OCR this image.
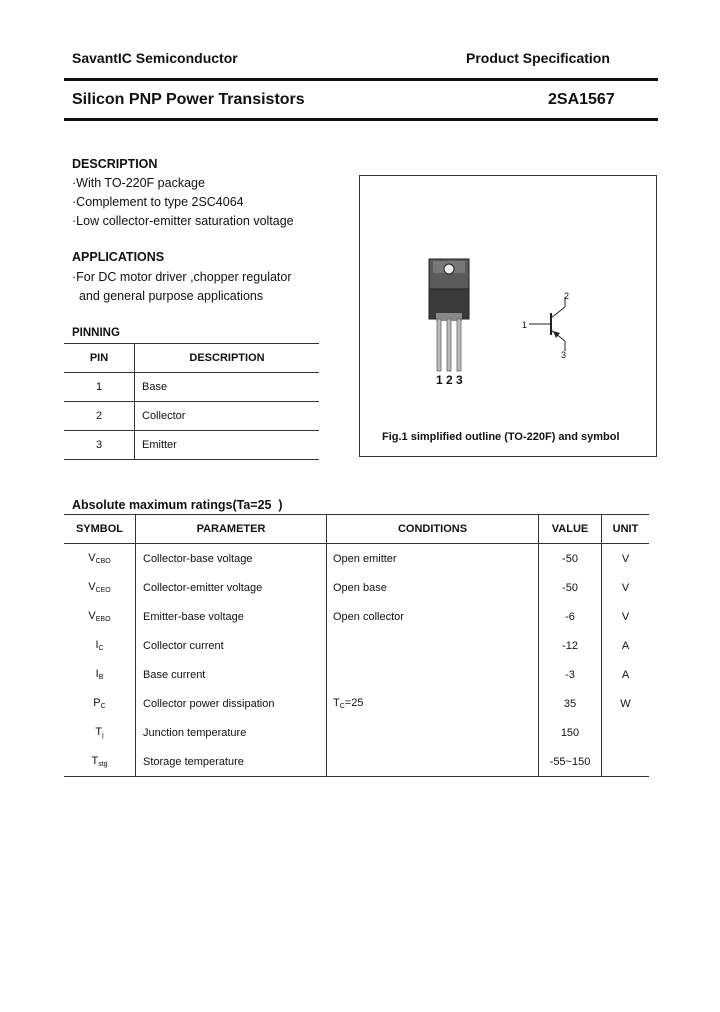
SavantIC Semiconductor	Product Specification
Silicon PNP Power Transistors	2SA1567
DESCRIPTION
·With TO-220F package
·Complement to type 2SC4064
·Low collector-emitter saturation voltage
APPLICATIONS
·For DC motor driver ,chopper regulator
and general purpose applications
PINNING
PIN	DESCRIPTION
1	Base
2	Collector
3	Emitter
1 2 3
1
2
3
Fig.1 simplified outline (TO-220F) and symbol
Absolute maximum ratings(Ta=25  )
SYMBOL	PARAMETER	CONDITIONS	VALUE	UNIT
$V_{CBO}$	Collector-base voltage	Open emitter	-50	V
$V_{CEO}$	Collector-emitter voltage	Open base	-50	V
$V_{EBO}$	Emitter-base voltage	Open collector	-6	V
$I_C$	Collector current		-12	A
$I_B$	Base current		-3	A
$P_C$	Collector power dissipation	$T_C=25$	35	W
$T_j$	Junction temperature		150	
$T_{stg}$	Storage temperature		-55~150	
